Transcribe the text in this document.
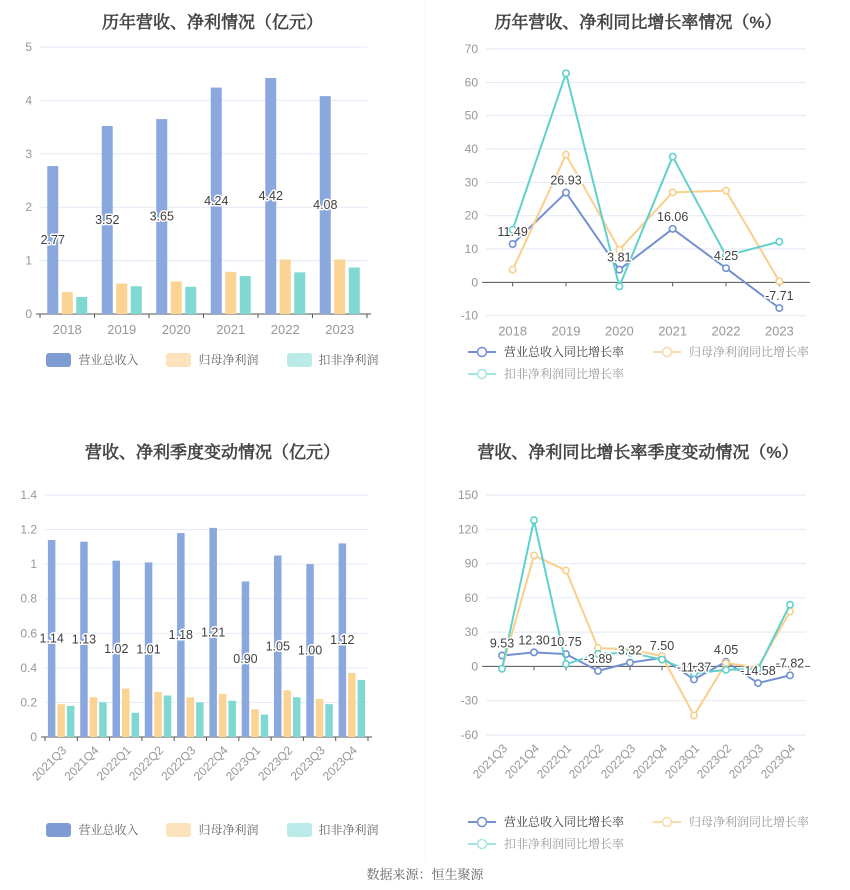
历年营收、净利情况（亿元）
0
1
2
3
4
5
2018 2019 2020 2021 2022 2023
2.77
3.52 3.65
4.24 4.42
4.08
营业总收入	归母净利润	扣非净利润
历年营收、净利同比增长率情况（%）
-10
0
10
20
30
40
50
60
70
2018 2019 2020 2021 2022 2023
11.49
26.93
3.81
16.06
4.25
-7.71
营业总收入同比增长率	归母净利润同比增长率
扣非净利润同比增长率
营收、净利季度变动情况（亿元）
0
0.2
0.4
0.6
0.8
1
1.2
1.4
2021Q3
2021Q4
2022Q1
2022Q2
2022Q3
2022Q4
2023Q1
2023Q2
2023Q3
2023Q4
1.14 1.13
1.02 1.01
1.18 1.21
0.90
1.05 1.00
1.12
营业总收入	归母净利润	扣非净利润
营收、净利同比增长率季度变动情况（%）
-60
-30
0
30
60
90
120
150
2021Q3
2021Q4
2022Q1
2022Q2
2022Q3
2022Q4
2023Q1
2023Q2
2023Q3
2023Q4
9.53 12.30 10.75
-3.89
3.32 7.50
-11.37
4.05
-14.58
-7.82
营业总收入同比增长率	归母净利润同比增长率
扣非净利润同比增长率
数据来源：恒生聚源
